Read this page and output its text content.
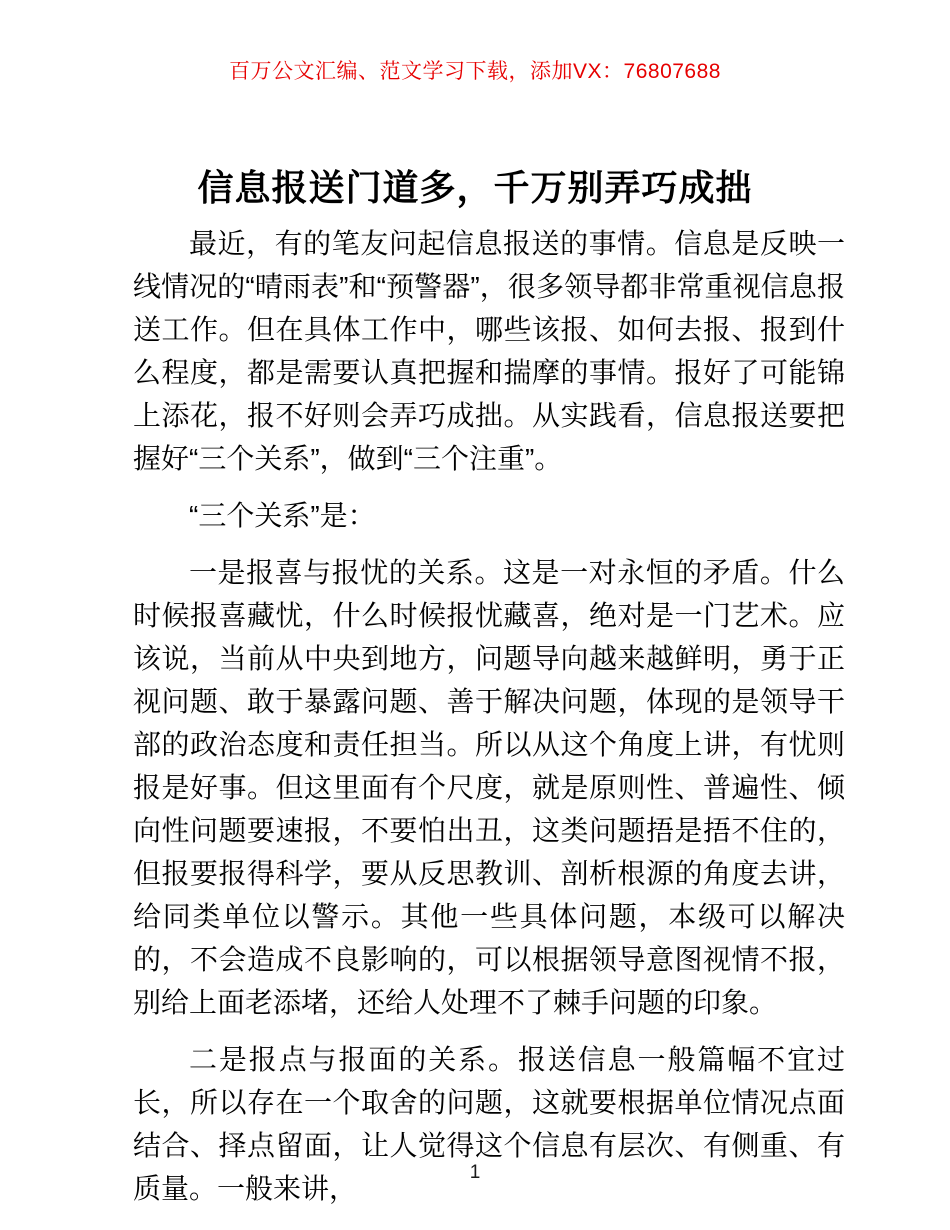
百万公文汇编、范文学习下载，添加VX：76807688
信息报送门道多，千万别弄巧成拙

最近，有的笔友问起信息报送的事情。信息是反映一线情况的“晴雨表”和“预警器”，很多领导都非常重视信息报送工作。但在具体工作中，哪些该报、如何去报、报到什么程度，都是需要认真把握和揣摩的事情。报好了可能锦上添花，报不好则会弄巧成拙。从实践看，信息报送要把握好“三个关系”，做到“三个注重”。

“三个关系”是：

一是报喜与报忧的关系。这是一对永恒的矛盾。什么时候报喜藏忧，什么时候报忧藏喜，绝对是一门艺术。应该说，当前从中央到地方，问题导向越来越鲜明，勇于正视问题、敢于暴露问题、善于解决问题，体现的是领导干部的政治态度和责任担当。所以从这个角度上讲，有忧则报是好事。但这里面有个尺度，就是原则性、普遍性、倾向性问题要速报，不要怕出丑，这类问题捂是捂不住的，但报要报得科学，要从反思教训、剖析根源的角度去讲，给同类单位以警示。其他一些具体问题，本级可以解决的，不会造成不良影响的，可以根据领导意图视情不报，别给上面老添堵，还给人处理不了棘手问题的印象。

二是报点与报面的关系。报送信息一般篇幅不宜过长，所以存在一个取舍的问题，这就要根据单位情况点面结合、择点留面，让人觉得这个信息有层次、有侧重、有质量。一般来讲，

1
